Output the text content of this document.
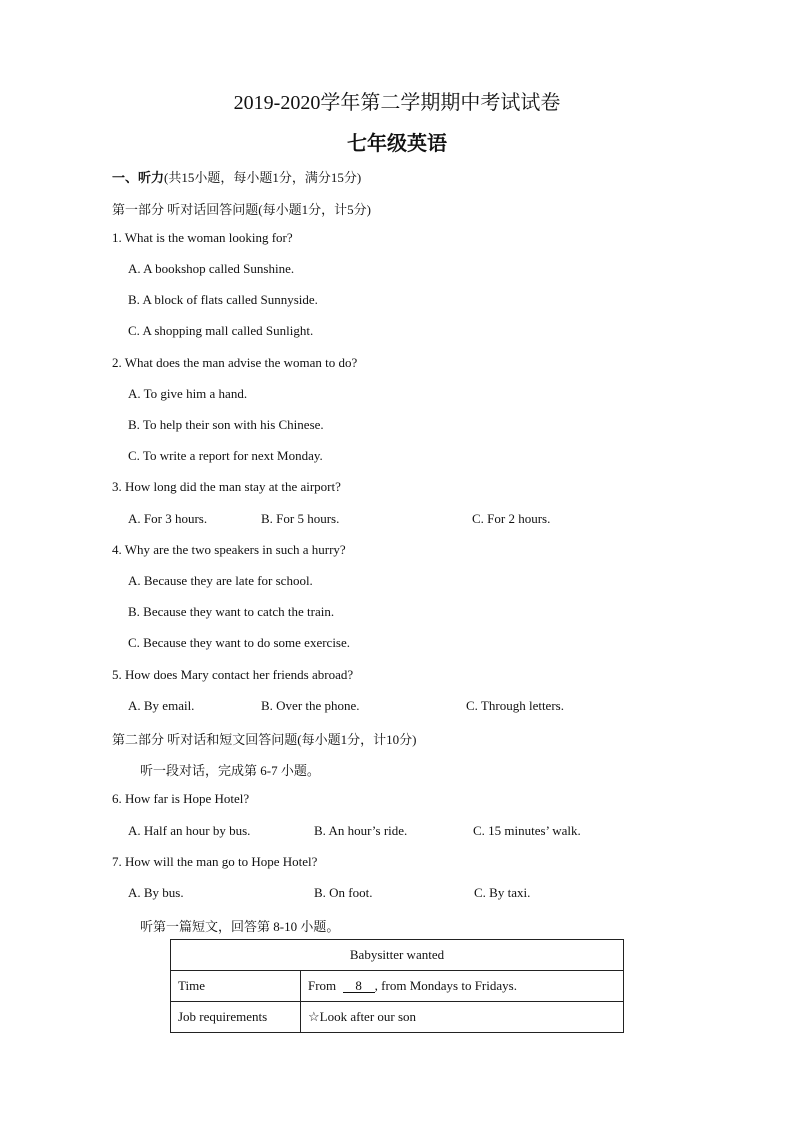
2019-2020学年第二学期期中考试试卷
七年级英语
一、听力(共15小题，每小题1分，满分15分)
第一部分 听对话回答问题(每小题1分，计5分)
1. What is the woman looking for?
A. A bookshop called Sunshine.
B. A block of flats called Sunnyside.
C. A shopping mall called Sunlight.
2. What does the man advise the woman to do?
A. To give him a hand.
B. To help their son with his Chinese.
C. To write a report for next Monday.
3. How long did the man stay at the airport?
A. For 3 hours.	B. For 5 hours.	C. For 2 hours.
4. Why are the two speakers in such a hurry?
A. Because they are late for school.
B. Because they want to catch the train.
C. Because they want to do some exercise.
5. How does Mary contact her friends abroad?
A. By email.	B. Over the phone.	C. Through letters.
第二部分 听对话和短文回答问题(每小题1分，计10分)
听一段对话，完成第 6-7 小题。
6. How far is Hope Hotel?
A. Half an hour by bus.	B. An hour’s ride.	C. 15 minutes’ walk.
7. How will the man go to Hope Hotel?
A. By bus.	B. On foot.	C. By taxi.
听第一篇短文，回答第 8-10 小题。
Babysitter wanted	
Time	From 8 , from Mondays to Fridays.
Job requirements	☆Look after our son
